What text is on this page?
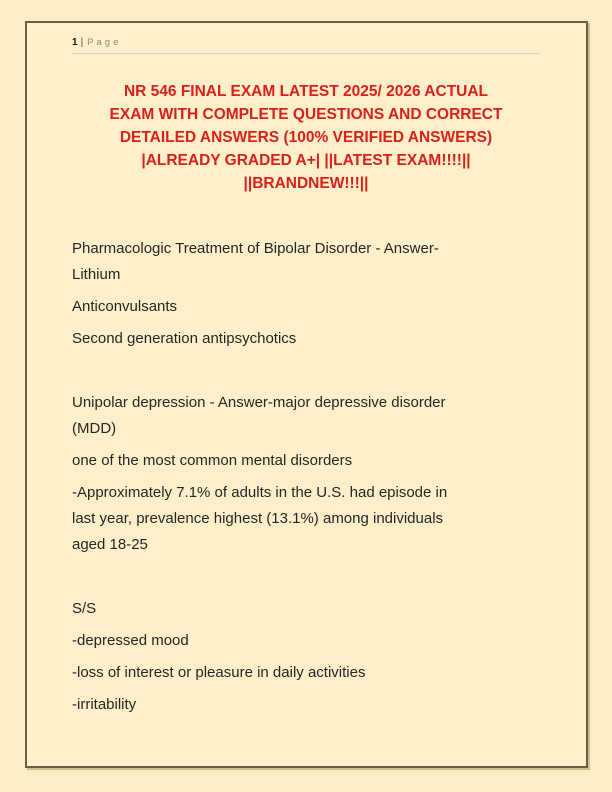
1 | Page
NR 546 FINAL EXAM LATEST 2025/ 2026 ACTUAL
EXAM WITH COMPLETE QUESTIONS AND CORRECT
DETAILED ANSWERS (100% VERIFIED ANSWERS)
|ALREADY GRADED A+| ||LATEST EXAM!!!!||
||BRANDNEW!!!||

Pharmacologic Treatment of Bipolar Disorder - Answer-
Lithium

Anticonvulsants

Second generation antipsychotics

Unipolar depression - Answer-major depressive disorder
(MDD)

one of the most common mental disorders

-Approximately 7.1% of adults in the U.S. had episode in
last year, prevalence highest (13.1%) among individuals
aged 18-25

S/S

-depressed mood

-loss of interest or pleasure in daily activities

-irritability
